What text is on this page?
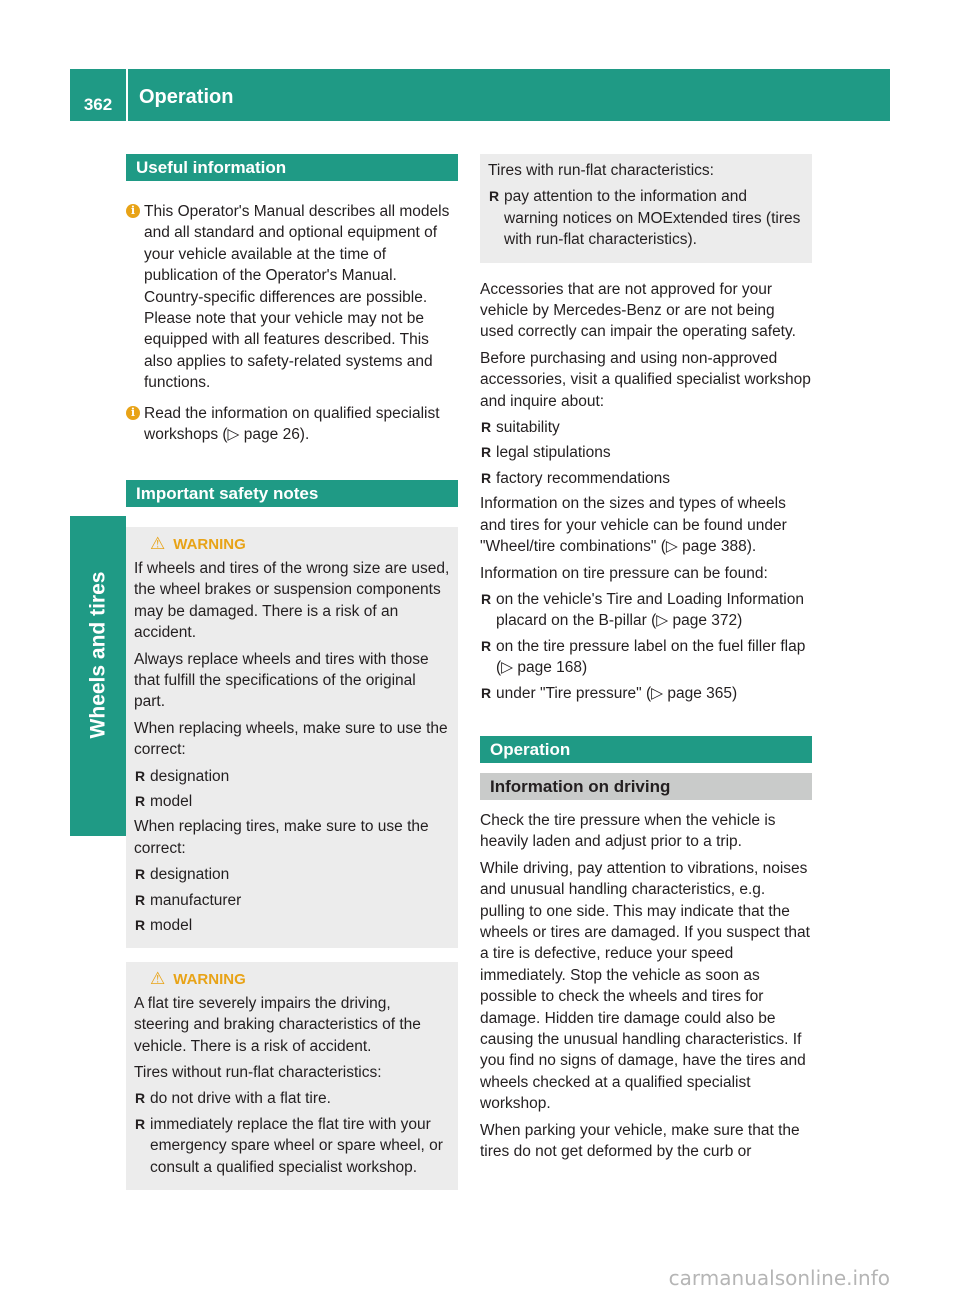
362	Operation
Wheels and tires
Useful information
i This Operator's Manual describes all models and all standard and optional equipment of your vehicle available at the time of publication of the Operator's Manual. Country-specific differences are possible. Please note that your vehicle may not be equipped with all features described. This also applies to safety-related systems and functions.
i Read the information on qualified specialist workshops (▷ page 26).
Important safety notes
⚠ WARNING

If wheels and tires of the wrong size are used, the wheel brakes or suspension components may be damaged. There is a risk of an accident.

Always replace wheels and tires with those that fulfill the specifications of the original part.

When replacing wheels, make sure to use the correct:

R designation
R model

When replacing tires, make sure to use the correct:

R designation
R manufacturer
R model
⚠ WARNING

A flat tire severely impairs the driving, steering and braking characteristics of the vehicle. There is a risk of accident.

Tires without run-flat characteristics:

R do not drive with a flat tire.
R immediately replace the flat tire with your emergency spare wheel or spare wheel, or consult a qualified specialist workshop.

Tires with run-flat characteristics:

R pay attention to the information and warning notices on MOExtended tires (tires with run-flat characteristics).

Accessories that are not approved for your vehicle by Mercedes-Benz or are not being used correctly can impair the operating safety.

Before purchasing and using non-approved accessories, visit a qualified specialist workshop and inquire about:

R suitability
R legal stipulations
R factory recommendations

Information on the sizes and types of wheels and tires for your vehicle can be found under "Wheel/tire combinations" (▷ page 388).

Information on tire pressure can be found:

R on the vehicle's Tire and Loading Information placard on the B-pillar (▷ page 372)
R on the tire pressure label on the fuel filler flap (▷ page 168)
R under "Tire pressure" (▷ page 365)
Operation
Information on driving

Check the tire pressure when the vehicle is heavily laden and adjust prior to a trip.

While driving, pay attention to vibrations, noises and unusual handling characteristics, e.g. pulling to one side. This may indicate that the wheels or tires are damaged. If you suspect that a tire is defective, reduce your speed immediately. Stop the vehicle as soon as possible to check the wheels and tires for damage. Hidden tire damage could also be causing the unusual handling characteristics. If you find no signs of damage, have the tires and wheels checked at a qualified specialist workshop.

When parking your vehicle, make sure that the tires do not get deformed by the curb or

carmanualsonline.info
